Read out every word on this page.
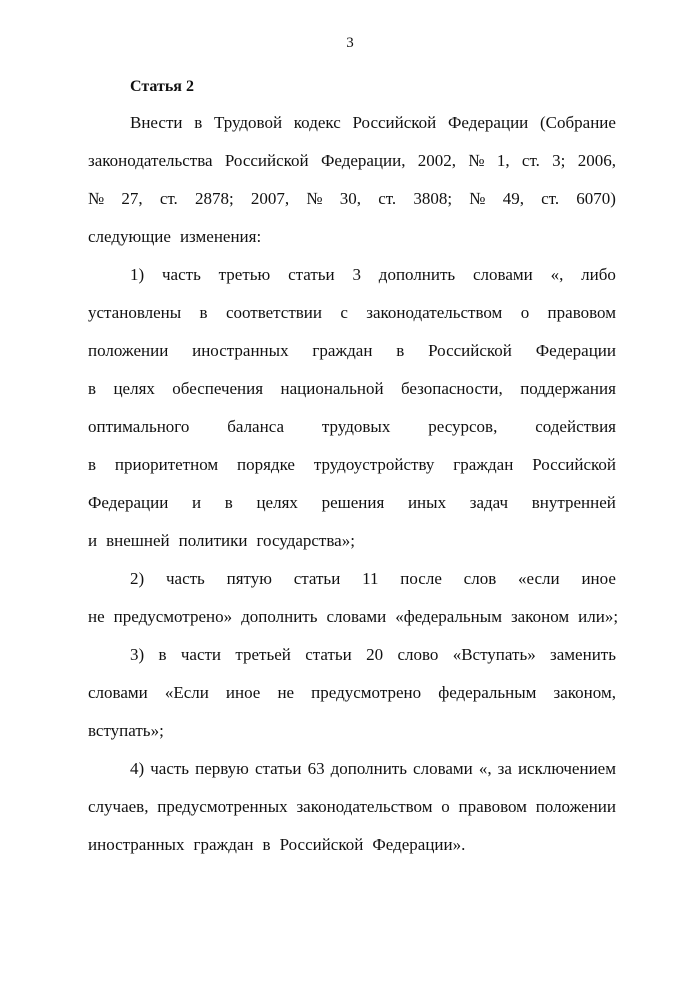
3
Статья 2
Внести в Трудовой кодекс Российской Федерации (Собрание
законодательства Российской Федерации, 2002, № 1, ст. 3; 2006,
№ 27, ст. 2878; 2007, № 30, ст. 3808; № 49, ст. 6070)
следующие изменения:
1) часть третью статьи 3 дополнить словами «, либо
установлены в соответствии с законодательством о правовом
положении иностранных граждан в Российской Федерации
в целях обеспечения национальной безопасности, поддержания
оптимального баланса трудовых ресурсов, содействия
в приоритетном порядке трудоустройству граждан Российской
Федерации и в целях решения иных задач внутренней
и внешней политики государства»;
2) часть пятую статьи 11 после слов «если иное
не предусмотрено» дополнить словами «федеральным законом или»;
3) в части третьей статьи 20 слово «Вступать» заменить
словами «Если иное не предусмотрено федеральным законом,
вступать»;
4) часть первую статьи 63 дополнить словами «, за исключением
случаев, предусмотренных законодательством о правовом положении
иностранных граждан в Российской Федерации».
